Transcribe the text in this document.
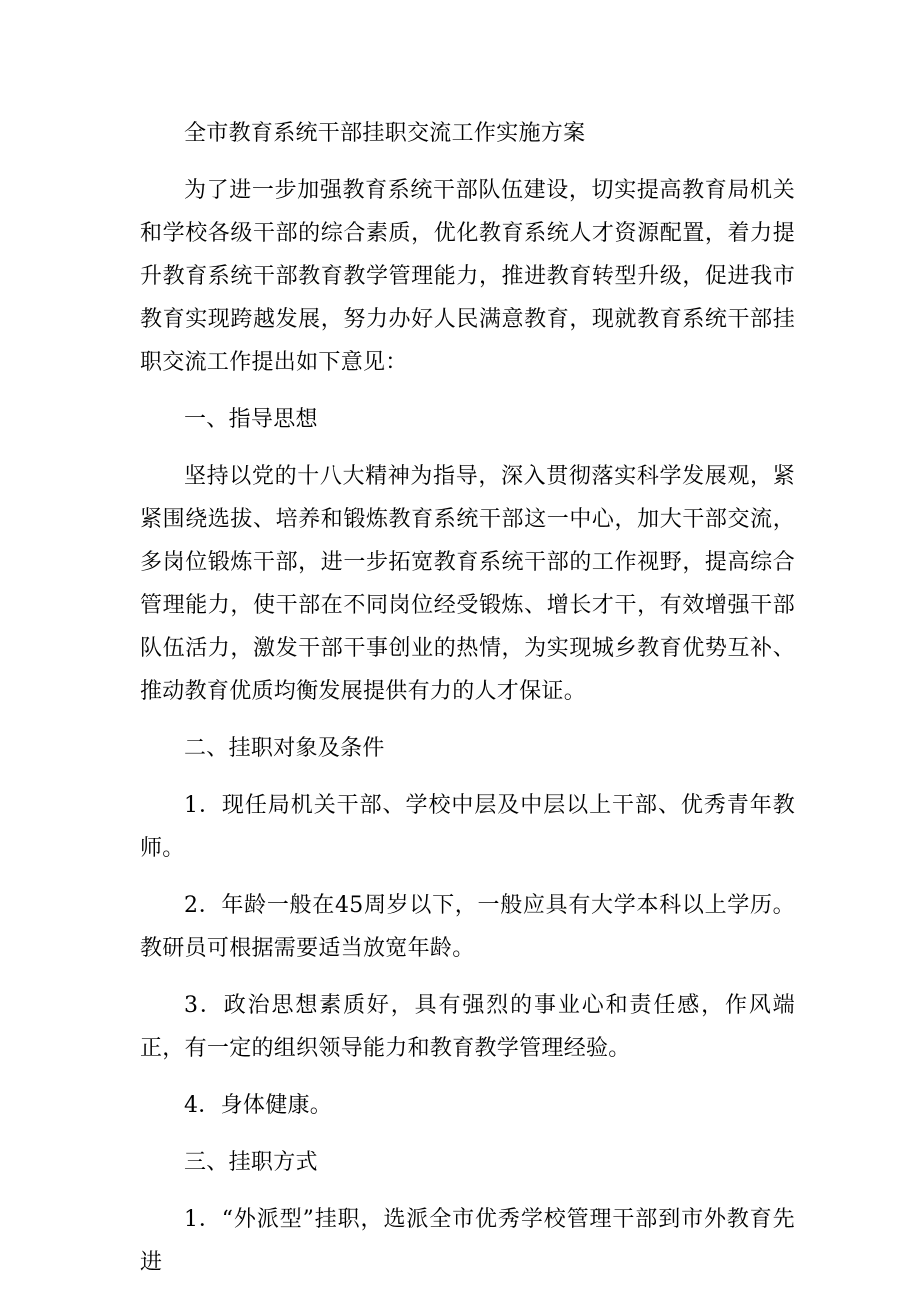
全市教育系统干部挂职交流工作实施方案

为了进一步加强教育系统干部队伍建设，切实提高教育局机关和学校各级干部的综合素质，优化教育系统人才资源配置，着力提升教育系统干部教育教学管理能力，推进教育转型升级，促进我市教育实现跨越发展，努力办好人民满意教育，现就教育系统干部挂职交流工作提出如下意见：

一、指导思想

坚持以党的十八大精神为指导，深入贯彻落实科学发展观，紧紧围绕选拔、培养和锻炼教育系统干部这一中心，加大干部交流，多岗位锻炼干部，进一步拓宽教育系统干部的工作视野，提高综合管理能力，使干部在不同岗位经受锻炼、增长才干，有效增强干部队伍活力，激发干部干事创业的热情，为实现城乡教育优势互补、推动教育优质均衡发展提供有力的人才保证。

二、挂职对象及条件

1．现任局机关干部、学校中层及中层以上干部、优秀青年教师。

2．年龄一般在45周岁以下，一般应具有大学本科以上学历。教研员可根据需要适当放宽年龄。

3．政治思想素质好，具有强烈的事业心和责任感，作风端正，有一定的组织领导能力和教育教学管理经验。

4．身体健康。

三、挂职方式

1．“外派型”挂职，选派全市优秀学校管理干部到市外教育先进
